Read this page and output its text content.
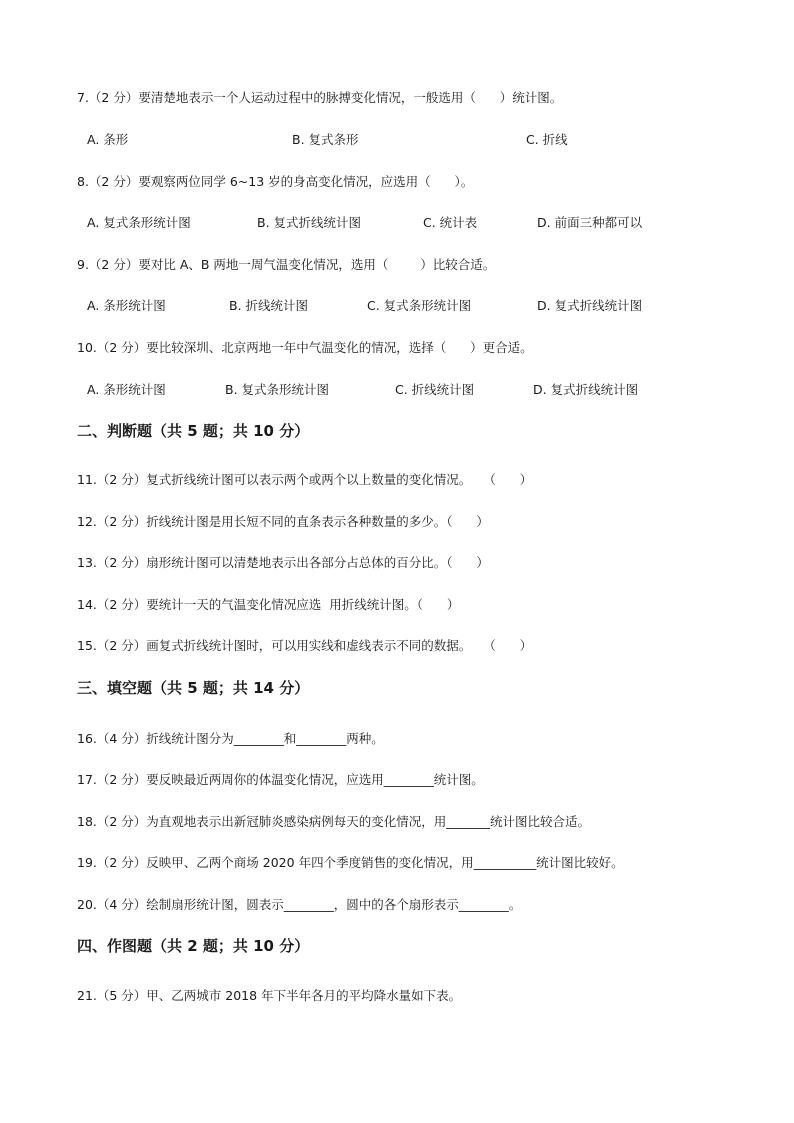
7.（2 分）要清楚地表示一个人运动过程中的脉搏变化情况，一般选用（      ）统计图。
A. 条形	B. 复式条形	C. 折线
8.（2 分）要观察两位同学 6~13 岁的身高变化情况，应选用（      ）。
A. 复式条形统计图	B. 复式折线统计图	C. 统计表	D. 前面三种都可以
9.（2 分）要对比 A、B 两地一周气温变化情况，选用（        ）比较合适。
A. 条形统计图	B. 折线统计图	C. 复式条形统计图	D. 复式折线统计图
10.（2 分）要比较深圳、北京两地一年中气温变化的情况，选择（      ）更合适。
A. 条形统计图	B. 复式条形统计图	C. 折线统计图	D. 复式折线统计图
二、判断题（共 5 题；共 10 分）
11.（2 分）复式折线统计图可以表示两个或两个以上数量的变化情况。   （      ）
12.（2 分）折线统计图是用长短不同的直条表示各种数量的多少。（      ）
13.（2 分）扇形统计图可以清楚地表示出各部分占总体的百分比。（      ）
14.（2 分）要统计一天的气温变化情况应选  用折线统计图。（      ）
15.（2 分）画复式折线统计图时，可以用实线和虚线表示不同的数据。   （      ）
三、填空题（共 5 题；共 14 分）
16.（4 分）折线统计图分为________和________两种。
17.（2 分）要反映最近两周你的体温变化情况，应选用________统计图。
18.（2 分）为直观地表示出新冠肺炎感染病例每天的变化情况，用_______统计图比较合适。
19.（2 分）反映甲、乙两个商场 2020 年四个季度销售的变化情况，用__________统计图比较好。
20.（4 分）绘制扇形统计图，圆表示________，圆中的各个扇形表示________。
四、作图题（共 2 题；共 10 分）
21.（5 分）甲、乙两城市 2018 年下半年各月的平均降水量如下表。
